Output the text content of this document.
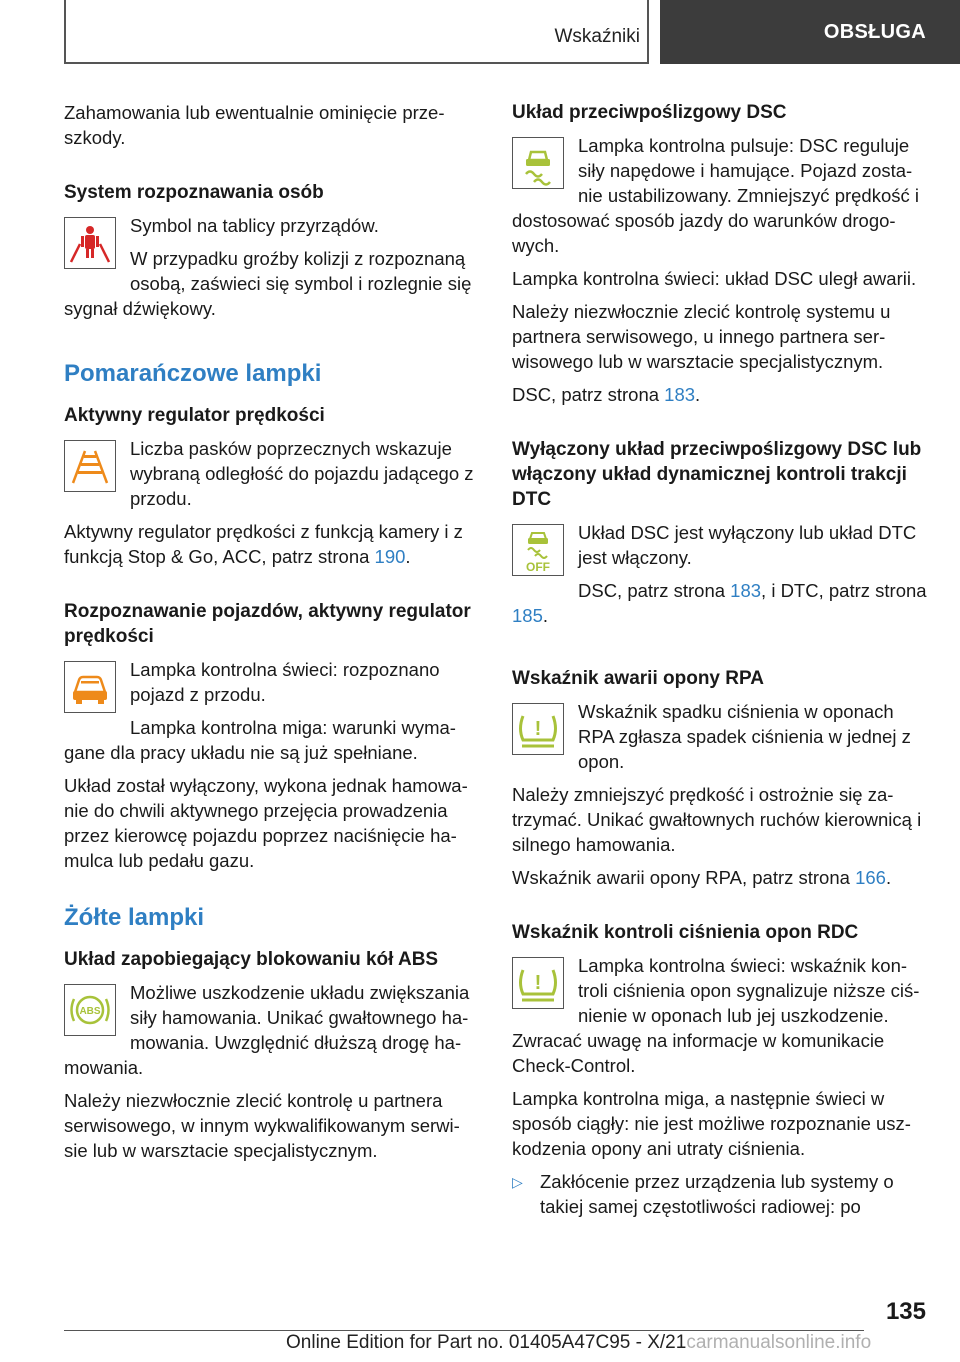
Wskaźniki	OBSŁUGA

Zahamowania lub ewentualnie ominięcie prze-szkody.

System rozpoznawania osób

Symbol na tablicy przyrządów.

W przypadku groźby kolizji z rozpoznaną osobą, zaświeci się symbol i rozlegnie się sygnał dźwiękowy.

Pomarańczowe lampki
Aktywny regulator prędkości

Liczba pasków poprzecznych wskazuje wybraną odległość do pojazdu jadącego z przodu.

Aktywny regulator prędkości z funkcją kamery i z funkcją Stop & Go, ACC, patrz strona 190.

Rozpoznawanie pojazdów, aktywny regulator prędkości

Lampka kontrolna świeci: rozpoznano pojazd z przodu.

Lampka kontrolna miga: warunki wyma-gane dla pracy układu nie są już spełniane.

Układ został wyłączony, wykona jednak hamowa-nie do chwili aktywnego przejęcia prowadzenia przez kierowcę pojazdu poprzez naciśnięcie ha-mulca lub pedału gazu.

Żółte lampki
Układ zapobiegający blokowaniu kół ABS
ABS

Możliwe uszkodzenie układu zwiększania siły hamowania. Unikać gwałtownego ha-mowania. Uwzględnić dłuższą drogę ha-mowania.

Należy niezwłocznie zlecić kontrolę u partnera serwisowego, w innym wykwalifikowanym serwi-sie lub w warsztacie specjalistycznym.

Układ przeciwpoślizgowy DSC

Lampka kontrolna pulsuje: DSC reguluje siły napędowe i hamujące. Pojazd zosta-nie ustabilizowany. Zmniejszyć prędkość i dostosować sposób jazdy do warunków drogo-wych.

Lampka kontrolna świeci: układ DSC uległ awarii.

Należy niezwłocznie zlecić kontrolę systemu u partnera serwisowego, u innego partnera ser-wisowego lub w warsztacie specjalistycznym.

DSC, patrz strona 183.

Wyłączony układ przeciwpoślizgowy DSC lub włączony układ dynamicznej kontroli trakcji DTC
OFF

Układ DSC jest wyłączony lub układ DTC jest włączony.

DSC, patrz strona 183, i DTC, patrz strona 185.

Wskaźnik awarii opony RPA
!

Wskaźnik spadku ciśnienia w oponach RPA zgłasza spadek ciśnienia w jednej z opon.

Należy zmniejszyć prędkość i ostrożnie się za-trzymać. Unikać gwałtownych ruchów kierownicą i silnego hamowania.

Wskaźnik awarii opony RPA, patrz strona 166.

Wskaźnik kontroli ciśnienia opon RDC
!

Lampka kontrolna świeci: wskaźnik kon-troli ciśnienia opon sygnalizuje niższe ciś-nienie w oponach lub jej uszkodzenie. Zwracać uwagę na informacje w komunikacie Check-Control.

Lampka kontrolna miga, a następnie świeci w sposób ciągły: nie jest możliwe rozpoznanie usz-kodzenia opony ani utraty ciśnienia.

▷ Zakłócenie przez urządzenia lub systemy o takiej samej częstotliwości radiowej: po
135
Online Edition for Part no. 01405A47C95 - X/21carmanualsonline.info
